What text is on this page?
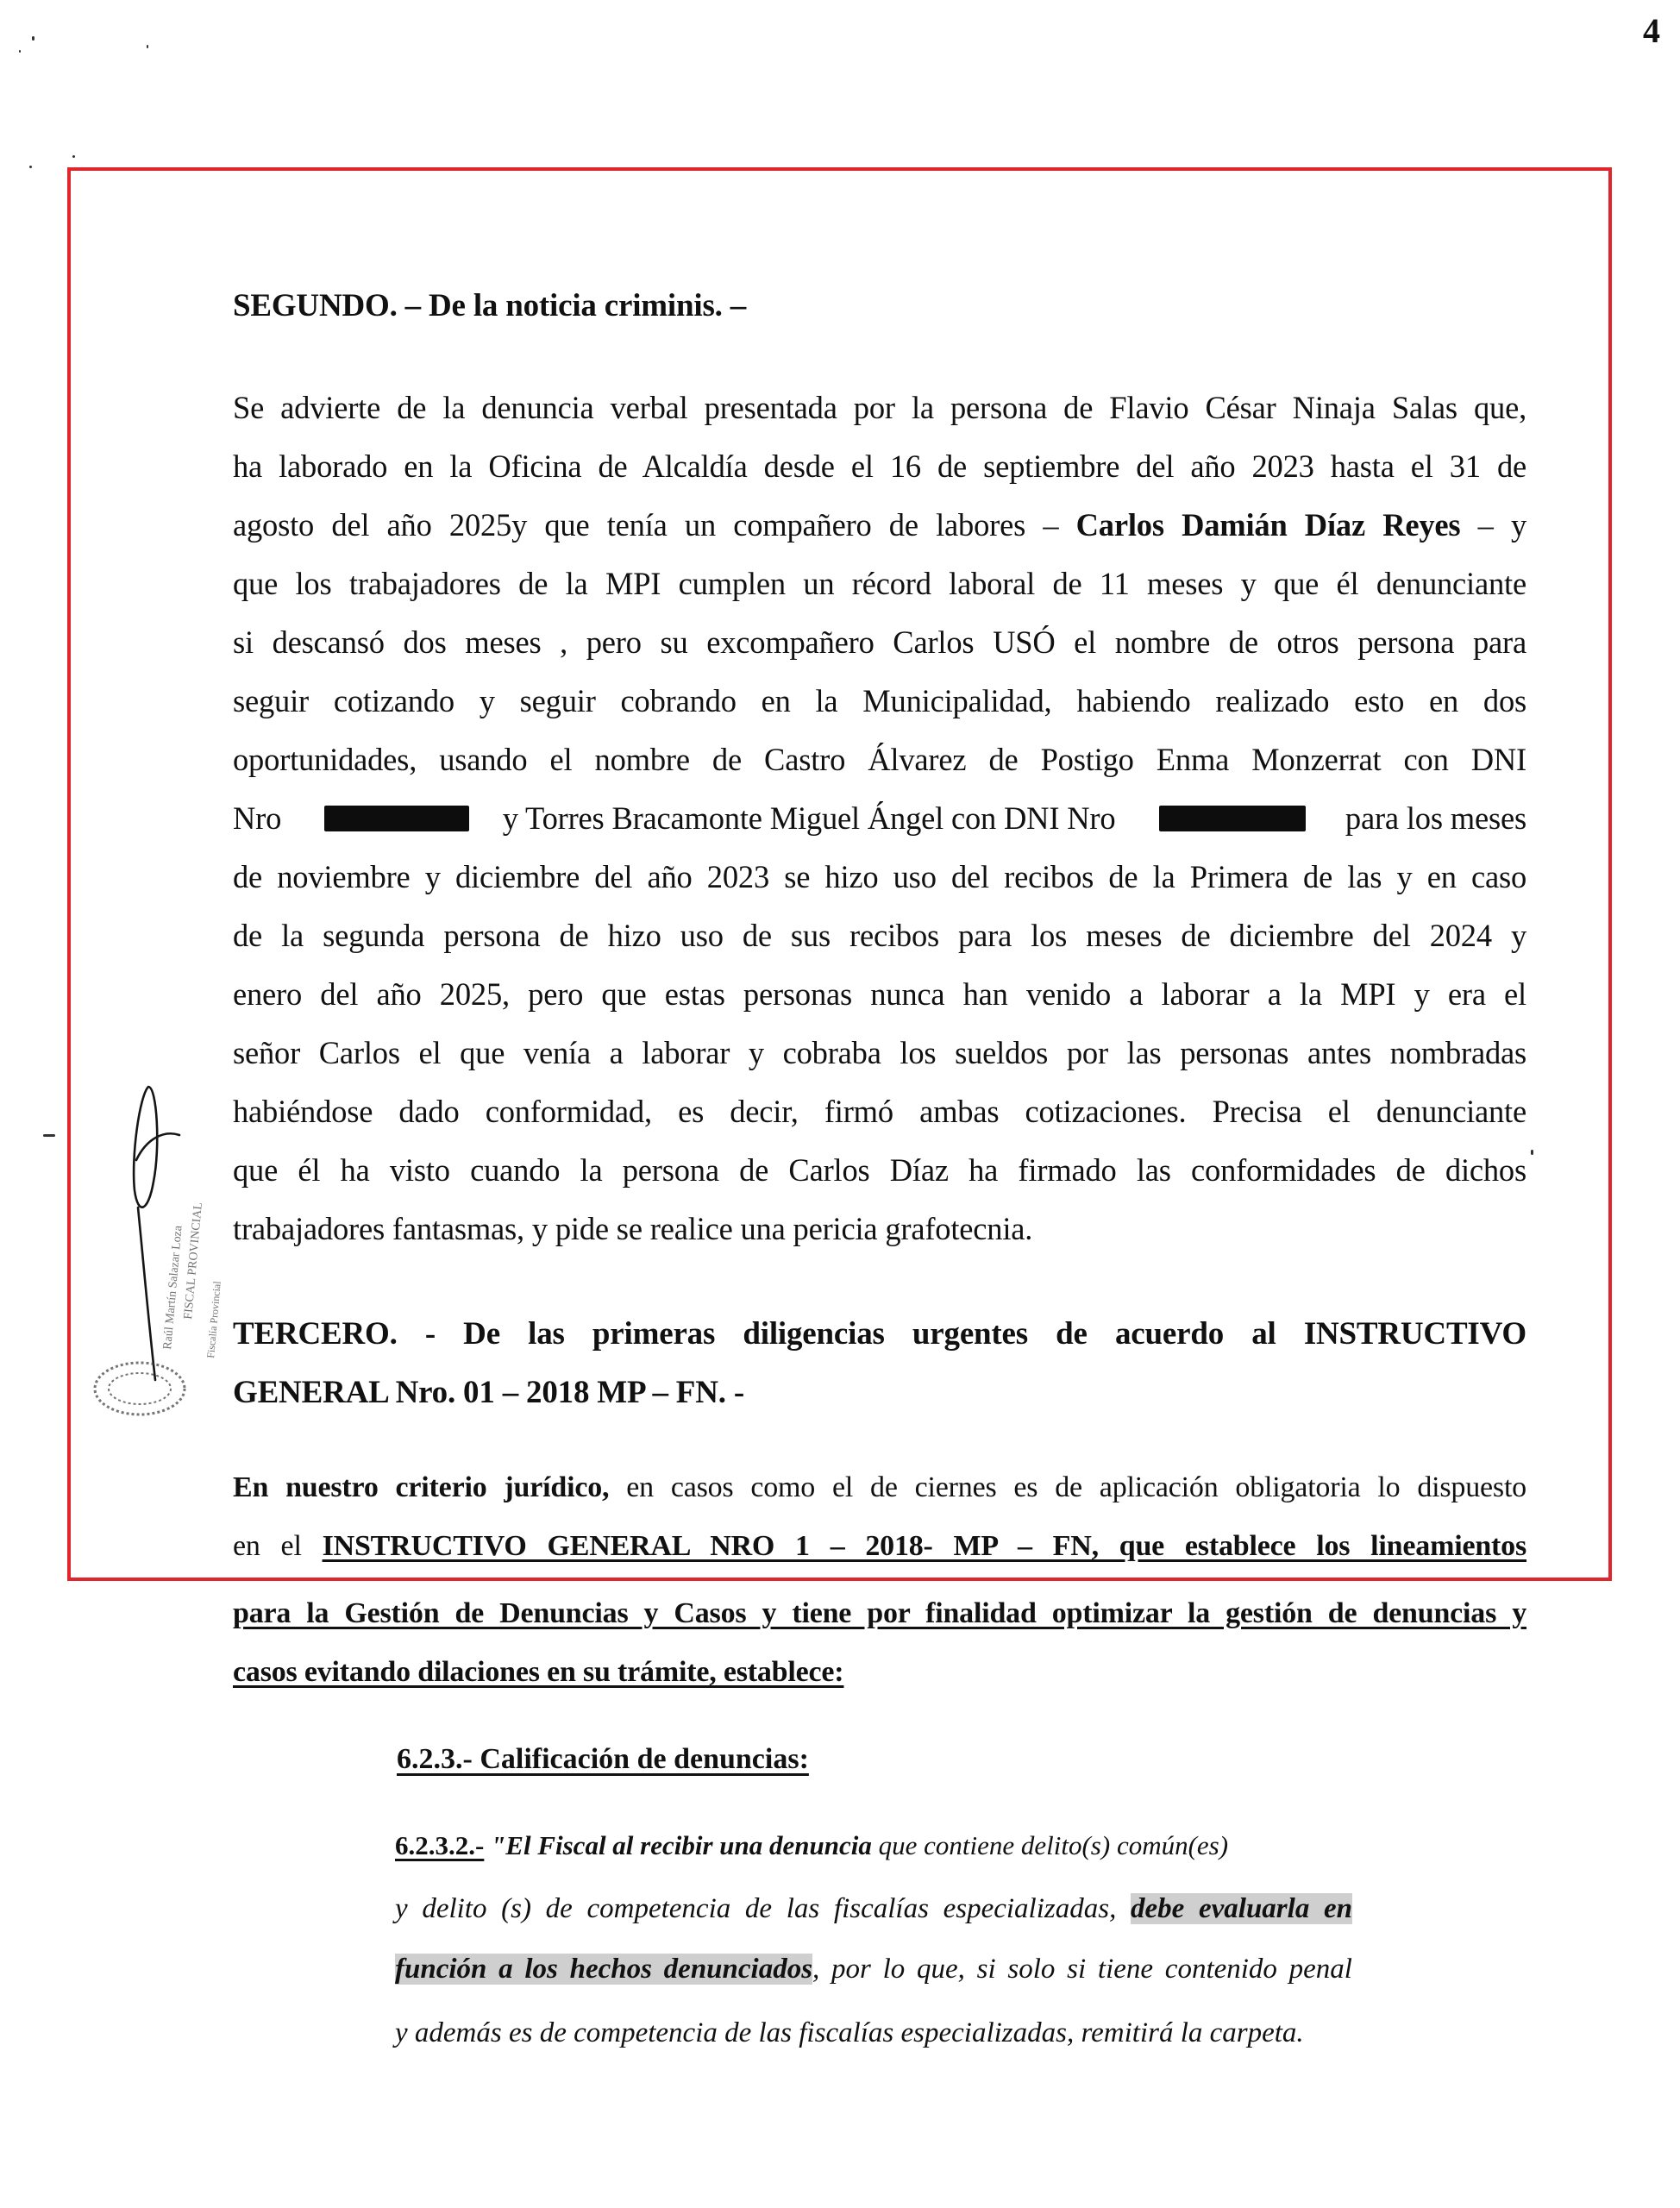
4
SEGUNDO. – De la noticia criminis. –
Se advierte de la denuncia verbal presentada por la persona de Flavio César Ninaja Salas que,
ha laborado en la Oficina de Alcaldía desde el 16 de septiembre del año 2023 hasta el 31 de
agosto del año 2025y que tenía un compañero de labores – Carlos Damián Díaz Reyes – y
que los trabajadores de la MPI cumplen un récord laboral de 11 meses y que él denunciante
si descansó dos meses , pero su excompañero Carlos USÓ el nombre de otros persona para
seguir cotizando y seguir cobrando en la Municipalidad, habiendo realizado esto en dos
oportunidades, usando el nombre de Castro Álvarez de Postigo Enma Monzerrat con DNI
Nro	y Torres Bracamonte Miguel Ángel con DNI Nro	para los meses
de noviembre y diciembre del año 2023 se hizo uso del recibos de la Primera de las y en caso
de la segunda persona de hizo uso de sus recibos para los meses de diciembre del 2024 y
enero del año 2025, pero que estas personas nunca han venido a laborar a la MPI y era el
señor Carlos el que venía a laborar y cobraba los sueldos por las personas antes nombradas
habiéndose dado conformidad, es decir, firmó ambas cotizaciones. Precisa el denunciante
que él ha visto cuando la persona de Carlos Díaz ha firmado las conformidades de dichos
trabajadores fantasmas, y pide se realice una pericia grafotecnia.
TERCERO. - De las primeras diligencias urgentes de acuerdo al INSTRUCTIVO
GENERAL Nro. 01 – 2018 MP – FN. -
En nuestro criterio jurídico, en casos como el de ciernes es de aplicación obligatoria lo dispuesto
en el INSTRUCTIVO GENERAL NRO 1 – 2018- MP – FN, que establece los lineamientos
para la Gestión de Denuncias y Casos y tiene por finalidad optimizar la gestión de denuncias y
casos evitando dilaciones en su trámite, establece:
6.2.3.- Calificación de denuncias:
6.2.3.2.- "El Fiscal al recibir una denuncia que contiene delito(s) común(es)
y delito (s) de competencia de las fiscalías especializadas, debe evaluarla en
función a los hechos denunciados, por lo que, si solo si tiene contenido penal
y además es de competencia de las fiscalías especializadas, remitirá la carpeta.
Raúl Martín Salazar Loza
FISCAL PROVINCIAL Fiscalía Provincial
